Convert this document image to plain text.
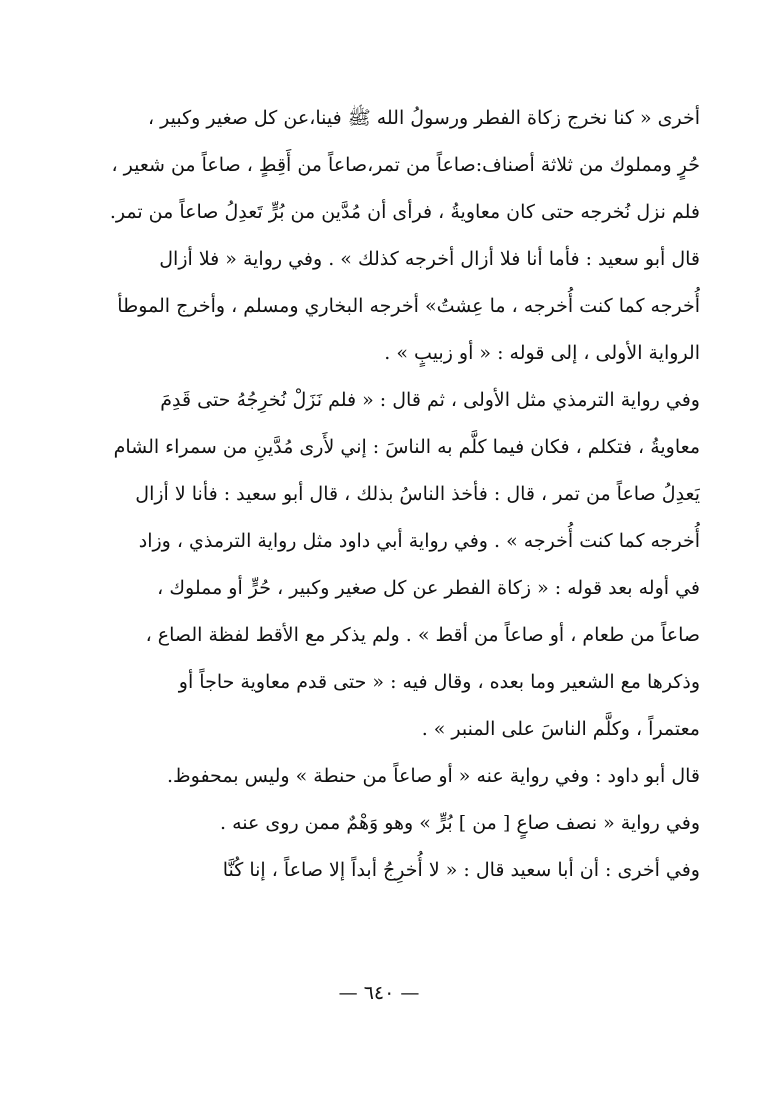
أخرى « كنا نخرج زكاة الفطر ورسولُ الله ﷺ فينا،عن كل صغير وكبير ،
حُرٍ ومملوك من ثلاثة أصناف:صاعاً من تمر،صاعاً من أَقِطٍ ، صاعاً من شعير ،
فلم نزل نُخرجه حتى كان معاويةُ ، فرأى أن مُدَّين من بُرٍّ تَعدِلُ صاعاً من تمر.
قال أبو سعيد : فأما أنا فلا أزال أخرجه كذلك » . وفي رواية « فلا أزال
أُخرجه كما كنت أُخرجه ، ما عِشتُ» أخرجه البخاري ومسلم ، وأخرج الموطأ
الرواية الأولى ، إلى قوله : « أو زبيبٍ » .
وفي رواية الترمذي مثل الأولى ، ثم قال : « فلم نَزَلْ نُخرِجُهُ حتى قَدِمَ
معاويةُ ، فتكلم ، فكان فيما كلَّم به الناسَ : إني لأَرى مُدَّينِ من سمراء الشام
يَعدِلُ صاعاً من تمر ، قال : فأخذ الناسُ بذلك ، قال أبو سعيد : فأنا لا أزال
أُخرجه كما كنت أُخرجه » . وفي رواية أبي داود مثل رواية الترمذي ، وزاد
في أوله بعد قوله : « زكاة الفطر عن كل صغير وكبير ، حُرٍّ أو مملوك ،
صاعاً من طعام ، أو صاعاً من أقط » . ولم يذكر مع الأقط لفظة الصاع ،
وذكرها مع الشعير وما بعده ، وقال فيه : « حتى قدم معاوية حاجاً أو
معتمراً ، وكلَّم الناسَ على المنبر » .
قال أبو داود : وفي رواية عنه « أو صاعاً من حنطة » وليس بمحفوظ.
وفي رواية « نصف صاعٍ [ من ] بُرٍّ » وهو وَهْمٌ ممن روى عنه .
وفي أخرى : أن أبا سعيد قال : « لا أُخرِجُ أبداً إلا صاعاً ، إنا كُنَّا
— ٦٤٠ —
